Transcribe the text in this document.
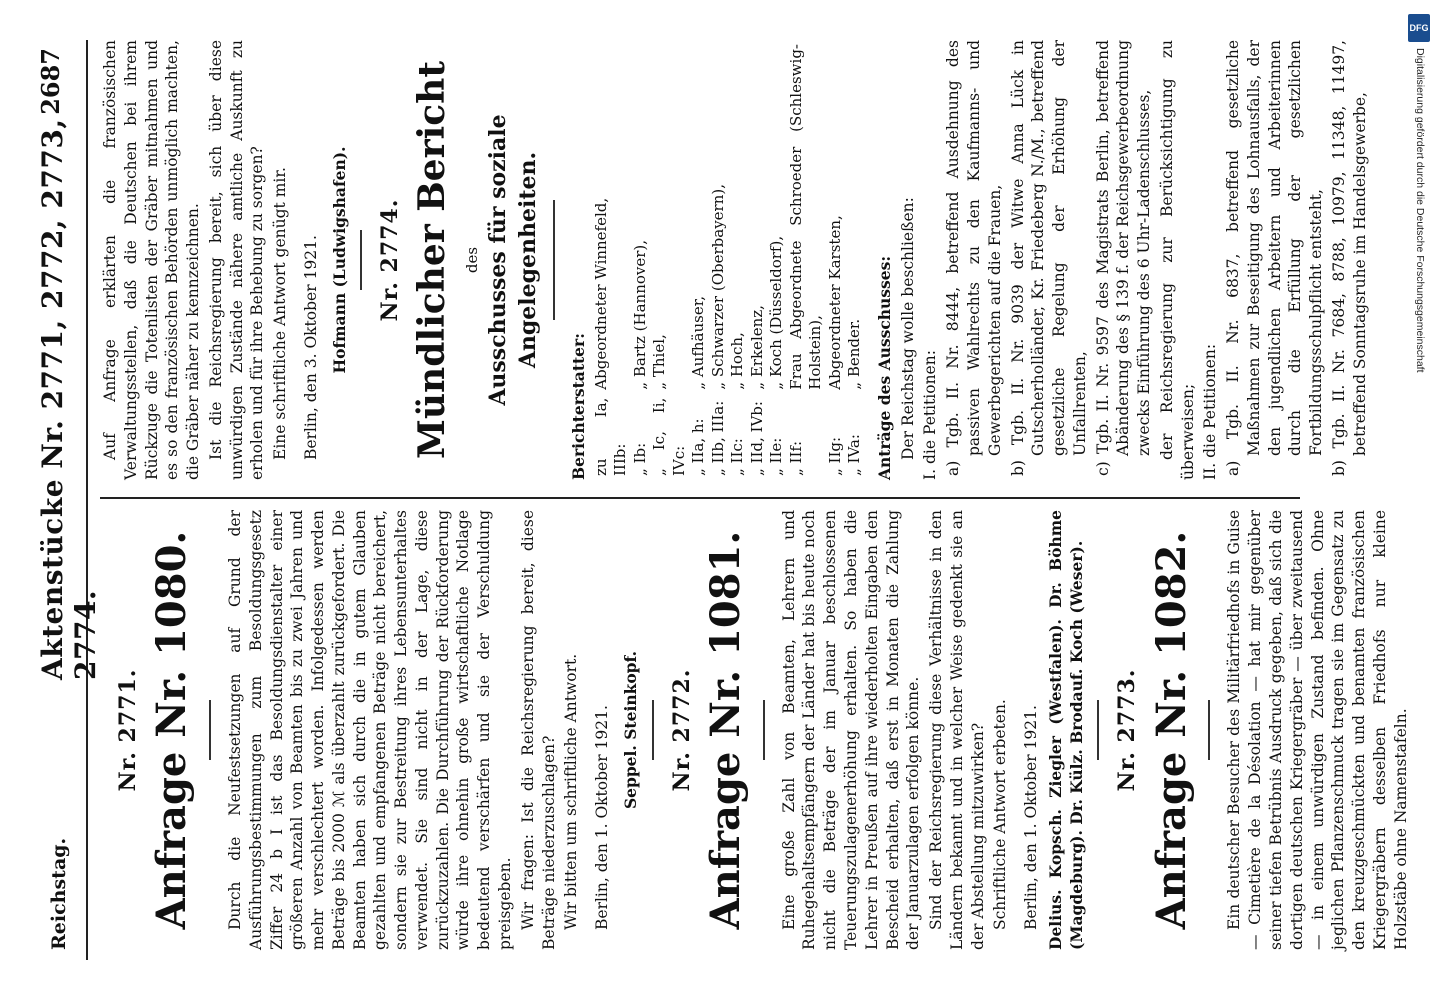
Reichstag.
Aktenstücke Nr. 2771, 2772, 2773, 2774.
2687
Nr. 2771. Anfrage Nr. 1080. Durch die Neufestsetzungen auf Grund der Ausführungsbestimmungen zum Besoldungsgesetz Ziffer 24 b I ist das Besoldungsdienstalter einer größeren Anzahl von Beamten bis zu zwei Jahren und mehr verschlechtert worden. Infolgedessen werden Beträge bis 2000 ℳ als überzahlt zurückgefordert. Die Beamten haben sich durch die in gutem Glauben gezahlten und empfangenen Beträge nicht bereichert, sondern sie zur Bestreitung ihres Lebensunterhaltes verwendet. Sie sind nicht in der Lage, diese zurückzuzahlen. Die Durchführung der Rückforderung würde ihre ohnehin große wirtschaftliche Notlage bedeutend verschärfen und sie der Verschuldung preisgeben. Wir fragen: Ist die Reichsregierung bereit, diese Beträge niederzuschlagen? Wir bitten um schriftliche Antwort. Berlin, den 1. Oktober 1921. Seppel. Steinkopf. Nr. 2772. Anfrage Nr. 1081. Eine große Zahl von Beamten, Lehrern und Ruhegehaltsempfängern der Länder hat bis heute noch nicht die Beträge der im Januar beschlossenen Teuerungszulagenerhöhung erhalten. So haben die Lehrer in Preußen auf ihre wiederholten Eingaben den Bescheid erhalten, daß erst in Monaten die Zahlung der Januarzulagen erfolgen könne. Sind der Reichsregierung diese Verhältnisse in den Ländern bekannt und in welcher Weise gedenkt sie an der Abstellung mitzuwirken? Schriftliche Antwort erbeten. Berlin, den 1. Oktober 1921. Delius. Kopsch. Ziegler (Westfalen). Dr. Böhme (Magdeburg). Dr. Külz. Brodauf. Koch (Weser). Nr. 2773. Anfrage Nr. 1082. Ein deutscher Besucher des Militärfriedhofs in Guise — Cimetière de la Désolation — hat mir gegenüber seiner tiefen Betrübnis Ausdruck gegeben, daß sich die dortigen deutschen Kriegergräber — über zweitausend — in einem unwürdigen Zustand befinden. Ohne jeglichen Pflanzenschmuck tragen sie im Gegensatz zu den kreuzgeschmückten und benamten französischen Kriegergräbern desselben Friedhofs nur kleine Holzstäbe ohne Namenstafeln.

Auf Anfrage erklärten die französischen Verwaltungsstellen, daß die Deutschen bei ihrem Rückzuge die Totenlisten der Gräber mitnahmen und es so den französischen Behörden unmöglich machten, die Gräber näher zu kennzeichnen. Ist die Reichsregierung bereit, sich über diese unwürdigen Zustände nähere amtliche Auskunft zu erholen und für ihre Behebung zu sorgen? Eine schriftliche Antwort genügt mir. Berlin, den 3. Oktober 1921. Hofmann (Ludwigshafen). Nr. 2774. Mündlicher Bericht des Ausschusses für soziale Angelegenheiten.

Berichterstatter: zu Ia, IIIb:	Abgeordneter Winnefeld,
„ Ib:	„ Bartz (Hannover),
„ Ic, Ii, IVc:	„ Thiel,
„ IIa, h:	„ Aufhäuser,
„ IIb, IIIa:	„ Schwarzer (Oberbayern),
„ IIc:	„ Hoch,
„ IId, IVb:	„ Erkelenz,
„ IIe:	„ Koch (Düsseldorf),
„ IIf:	Frau Abgeordnete Schroeder (Schleswig-Holstein),
„ IIg:	Abgeordneter Karsten,
„ IVa:	„ Bender. Anträge des Ausschusses: Der Reichstag wolle beschließen: I. die Petitionen: a) Tgb. II. Nr. 8444, betreffend Ausdehnung des passiven Wahlrechts zu den Kaufmanns- und Gewerbegerichten auf die Frauen, b) Tgb. II. Nr. 9039 der Witwe Anna Lück in Gutscherholländer, Kr. Friedeberg N./M., betreffend gesetzliche Regelung der Erhöhung der Unfallrenten, c) Tgb. II. Nr. 9597 des Magistrats Berlin, betreffend Abänderung des § 139 f. der Reichsgewerbeordnung zwecks Einführung des 6 Uhr-Ladenschlusses, der Reichsregierung zur Berücksichtigung zu überweisen; II. die Petitionen: a) Tgb. II. Nr. 6837, betreffend gesetzliche Maßnahmen zur Beseitigung des Lohnausfalls, der den jugendlichen Arbeitern und Arbeiterinnen durch die Erfüllung der gesetzlichen Fortbildungsschulpflicht entsteht, b) Tgb. II. Nr. 7684, 8788, 10979, 11348, 11497, betreffend Sonntagsruhe im Handelsgewerbe,
DFG
Digitalisierung gefördert durch die Deutsche Forschungsgemeinschaft
